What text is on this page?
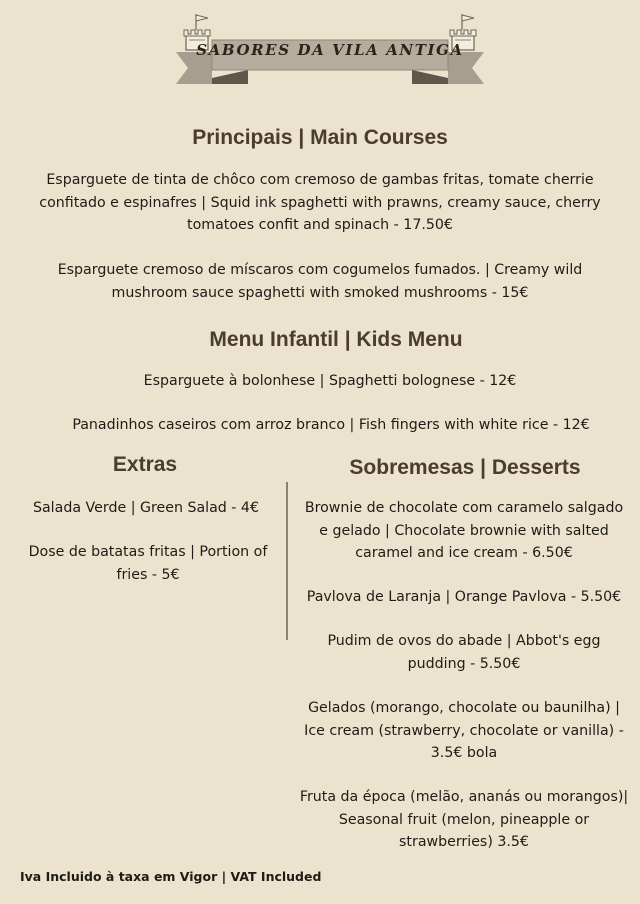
SABORES DA VILA ANTIGA
Principais | Main Courses
Esparguete de tinta de chôco com cremoso de gambas fritas, tomate cherrie
confitado e espinafres | Squid ink spaghetti with prawns, creamy sauce, cherry
tomatoes confit and spinach - 17.50€
Esparguete cremoso de míscaros com cogumelos fumados. | Creamy wild
mushroom sauce spaghetti with smoked mushrooms - 15€
Menu Infantil | Kids Menu
Esparguete à bolonhese | Spaghetti bolognese - 12€
Panadinhos caseiros com arroz branco | Fish fingers with white rice - 12€
Extras
Salada Verde | Green Salad - 4€
Dose de batatas fritas | Portion of
fries - 5€
Sobremesas | Desserts
Brownie de chocolate com caramelo salgado
e gelado | Chocolate brownie with salted
caramel and ice cream - 6.50€
Pavlova de Laranja | Orange Pavlova - 5.50€
Pudim de ovos do abade | Abbot's egg
pudding - 5.50€
Gelados (morango, chocolate ou baunilha) |
Ice cream (strawberry, chocolate or vanilla) -
3.5€ bola
Fruta da época (melão, ananás ou morangos)|
Seasonal fruit (melon, pineapple or
strawberries) 3.5€
Iva Incluido à taxa em Vigor | VAT Included
